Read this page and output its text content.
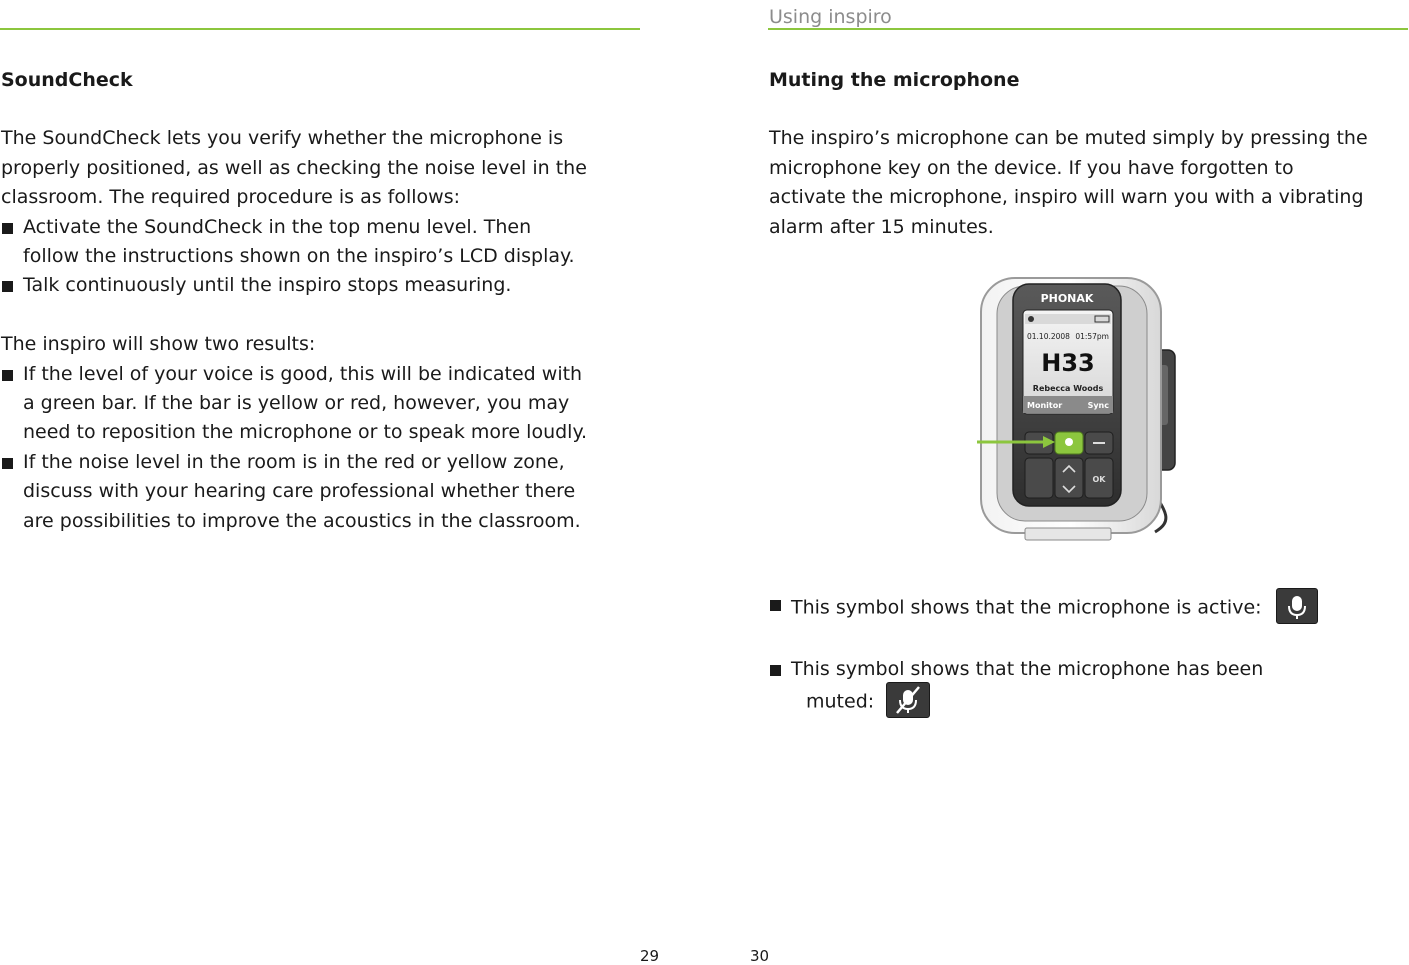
Using inspiro
SoundCheck

The SoundCheck lets you verify whether the microphone is
properly positioned, as well as checking the noise level in the
classroom. The required procedure is as follows:

Activate the SoundCheck in the top menu level. Then
follow the instructions shown on the inspiro’s LCD display.
Talk continuously until the inspiro stops measuring.

The inspiro will show two results:

If the level of your voice is good, this will be indicated with
a green bar. If the bar is yellow or red, however, you may
need to reposition the microphone or to speak more loudly.
If the noise level in the room is in the red or yellow zone,
discuss with your hearing care professional whether there
are possibilities to improve the acoustics in the classroom.
Muting the microphone

The inspiro’s microphone can be muted simply by pressing the
microphone key on the device. If you have forgotten to
activate the microphone, inspiro will warn you with a vibrating
alarm after 15 minutes.

PHONAK
01.10.2008 01:57pm
H33
Rebecca Woods
Monitor	Sync
OK
This symbol shows that the microphone is active:
This symbol shows that the microphone has been
muted:
29	30
